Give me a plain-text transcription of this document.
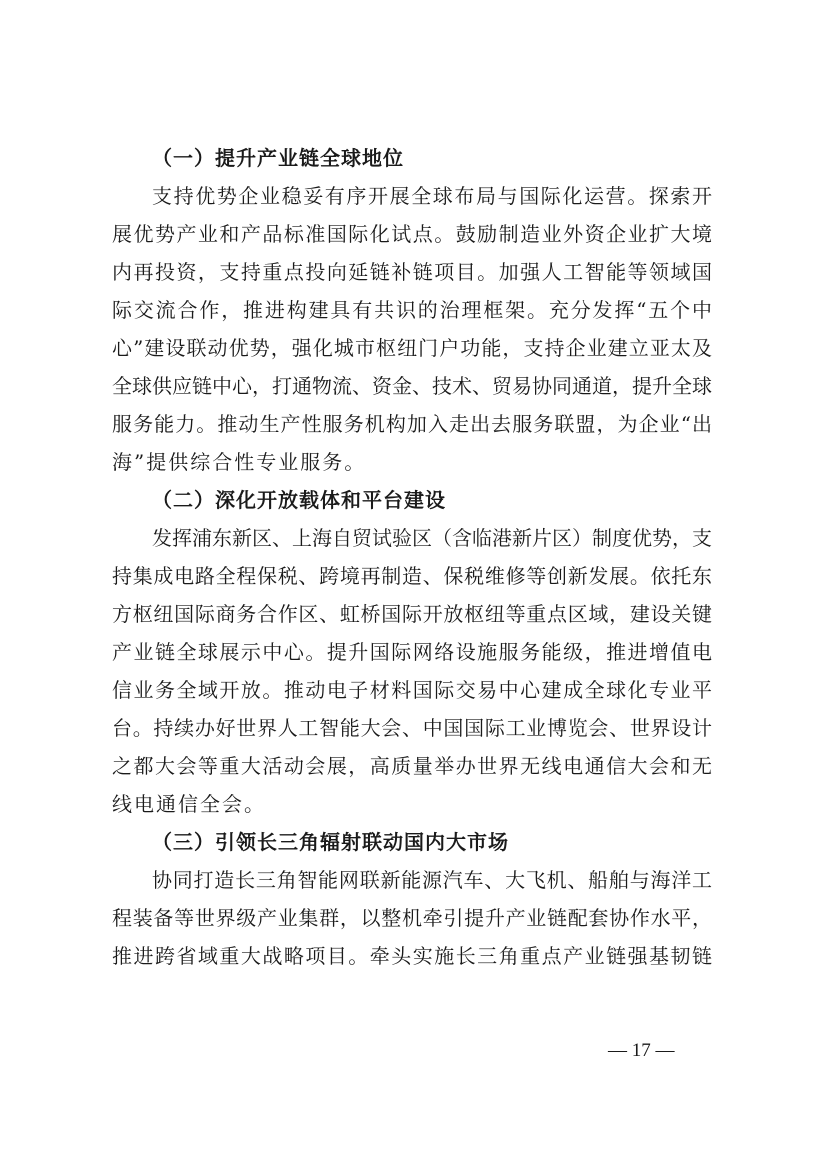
（一）提升产业链全球地位
支持优势企业稳妥有序开展全球布局与国际化运营。探索开
展优势产业和产品标准国际化试点。鼓励制造业外资企业扩大境
内再投资，支持重点投向延链补链项目。加强人工智能等领域国
际交流合作，推进构建具有共识的治理框架。充分发挥“五个中
心”建设联动优势，强化城市枢纽门户功能，支持企业建立亚太及
全球供应链中心，打通物流、资金、技术、贸易协同通道，提升全球
服务能力。推动生产性服务机构加入走出去服务联盟，为企业“出
海”提供综合性专业服务。
（二）深化开放载体和平台建设
发挥浦东新区、上海自贸试验区（含临港新片区）制度优势，支
持集成电路全程保税、跨境再制造、保税维修等创新发展。依托东
方枢纽国际商务合作区、虹桥国际开放枢纽等重点区域，建设关键
产业链全球展示中心。提升国际网络设施服务能级，推进增值电
信业务全域开放。推动电子材料国际交易中心建成全球化专业平
台。持续办好世界人工智能大会、中国国际工业博览会、世界设计
之都大会等重大活动会展，高质量举办世界无线电通信大会和无
线电通信全会。
（三）引领长三角辐射联动国内大市场
协同打造长三角智能网联新能源汽车、大飞机、船舶与海洋工
程装备等世界级产业集群，以整机牵引提升产业链配套协作水平，
推进跨省域重大战略项目。牵头实施长三角重点产业链强基韧链
— 17 —
